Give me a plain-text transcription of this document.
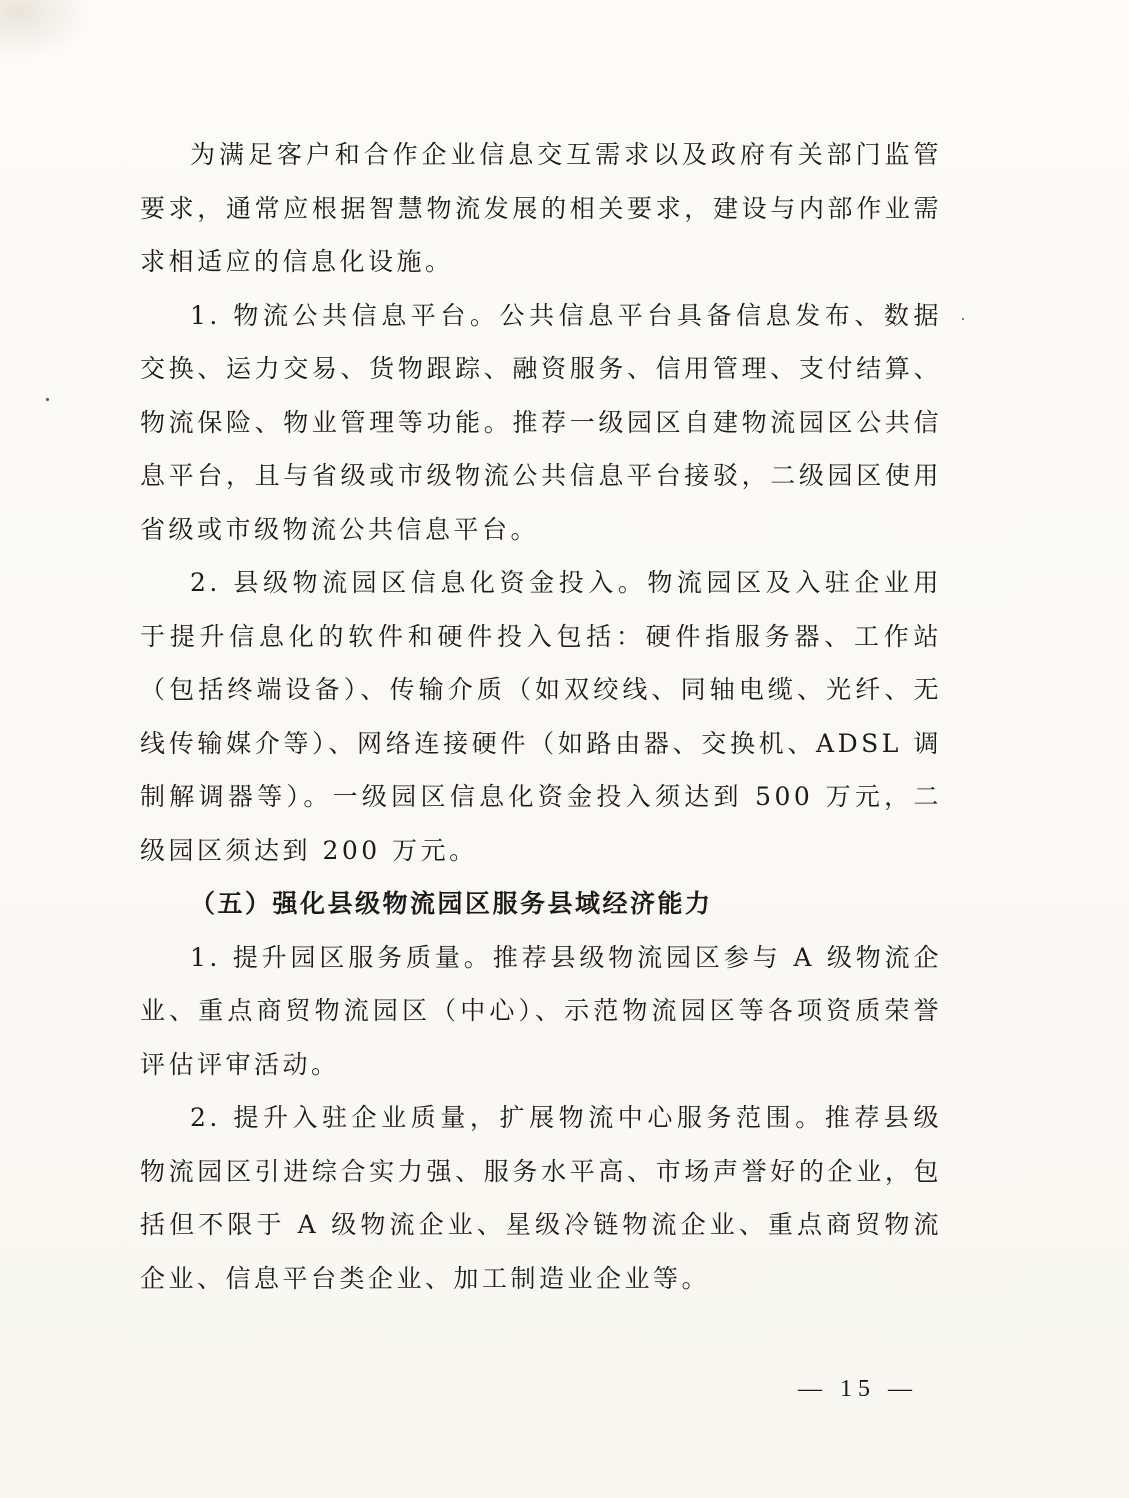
为满足客户和合作企业信息交互需求以及政府有关部门监管要求，通常应根据智慧物流发展的相关要求，建设与内部作业需求相适应的信息化设施。

1. 物流公共信息平台。公共信息平台具备信息发布、数据交换、运力交易、货物跟踪、融资服务、信用管理、支付结算、物流保险、物业管理等功能。推荐一级园区自建物流园区公共信息平台，且与省级或市级物流公共信息平台接驳，二级园区使用省级或市级物流公共信息平台。

2. 县级物流园区信息化资金投入。物流园区及入驻企业用于提升信息化的软件和硬件投入包括：硬件指服务器、工作站（包括终端设备）、传输介质（如双绞线、同轴电缆、光纤、无线传输媒介等）、网络连接硬件（如路由器、交换机、ADSL 调制解调器等）。一级园区信息化资金投入须达到 500 万元，二级园区须达到 200 万元。

（五）强化县级物流园区服务县域经济能力

1. 提升园区服务质量。推荐县级物流园区参与 A 级物流企业、重点商贸物流园区（中心）、示范物流园区等各项资质荣誉评估评审活动。

2. 提升入驻企业质量，扩展物流中心服务范围。推荐县级物流园区引进综合实力强、服务水平高、市场声誉好的企业，包括但不限于 A 级物流企业、星级冷链物流企业、重点商贸物流企业、信息平台类企业、加工制造业企业等。

— 15 —
